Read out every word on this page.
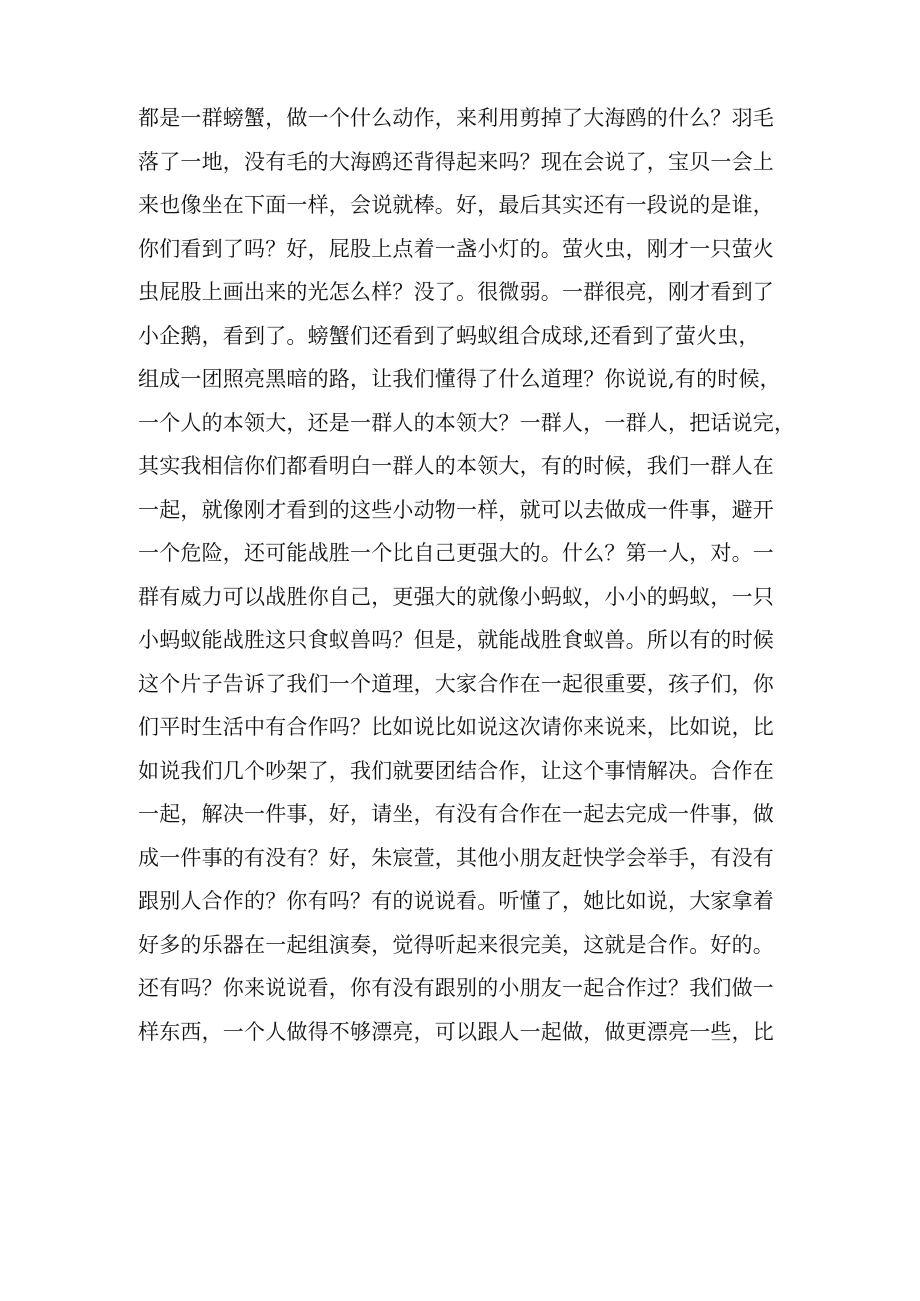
都是一群螃蟹，做一个什么动作，来利用剪掉了大海鸥的什么？羽毛
落了一地，没有毛的大海鸥还背得起来吗？现在会说了，宝贝一会上
来也像坐在下面一样，会说就棒。好，最后其实还有一段说的是谁，
你们看到了吗？好，屁股上点着一盏小灯的。萤火虫，刚才一只萤火
虫屁股上画出来的光怎么样？没了。很微弱。一群很亮，刚才看到了
小企鹅，看到了。螃蟹们还看到了蚂蚁组合成球,还看到了萤火虫，
组成一团照亮黑暗的路，让我们懂得了什么道理？你说说,有的时候，
一个人的本领大，还是一群人的本领大？一群人，一群人，把话说完，
其实我相信你们都看明白一群人的本领大，有的时候，我们一群人在
一起，就像刚才看到的这些小动物一样，就可以去做成一件事，避开
一个危险，还可能战胜一个比自己更强大的。什么？第一人，对。一
群有威力可以战胜你自己，更强大的就像小蚂蚁，小小的蚂蚁，一只
小蚂蚁能战胜这只食蚁兽吗？但是，就能战胜食蚁兽。所以有的时候
这个片子告诉了我们一个道理，大家合作在一起很重要，孩子们，你
们平时生活中有合作吗？比如说比如说这次请你来说来，比如说，比
如说我们几个吵架了，我们就要团结合作，让这个事情解决。合作在
一起，解决一件事，好，请坐，有没有合作在一起去完成一件事，做
成一件事的有没有？好，朱宸萱，其他小朋友赶快学会举手，有没有
跟别人合作的？你有吗？有的说说看。听懂了，她比如说，大家拿着
好多的乐器在一起组演奏，觉得听起来很完美，这就是合作。好的。
还有吗？你来说说看，你有没有跟别的小朋友一起合作过？我们做一
样东西，一个人做得不够漂亮，可以跟人一起做，做更漂亮一些，比
